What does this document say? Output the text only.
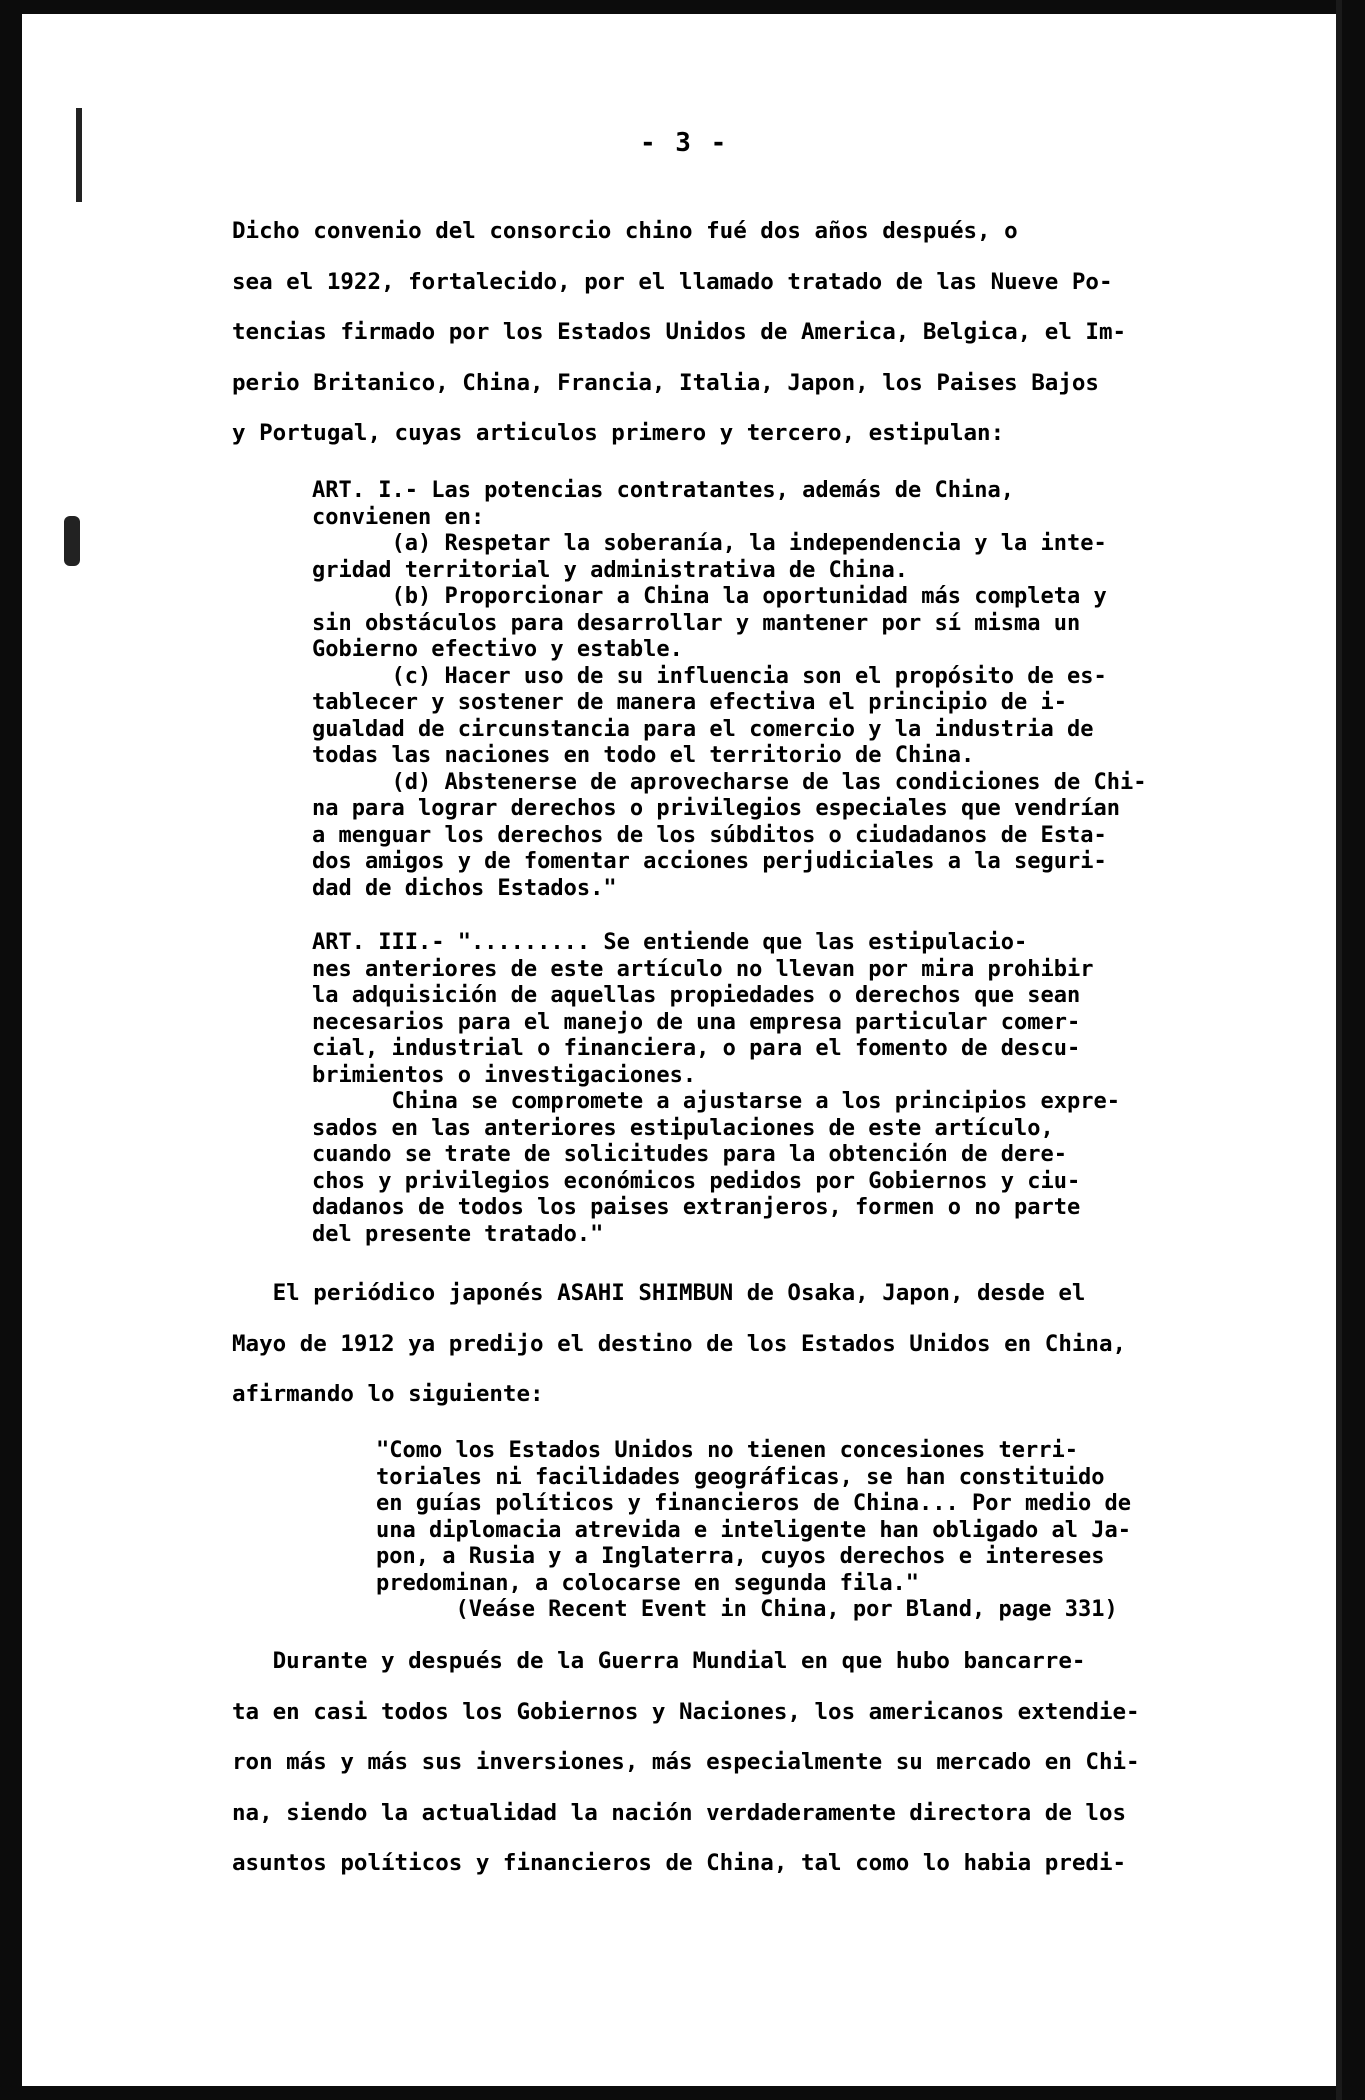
- 3 -
Dicho convenio del consorcio chino fué dos años después, o
sea el 1922, fortalecido, por el llamado tratado de las Nueve Po-
tencias firmado por los Estados Unidos de America, Belgica, el Im-
perio Britanico, China, Francia, Italia, Japon, los Paises Bajos
y Portugal, cuyas articulos primero y tercero, estipulan:
ART. I.- Las potencias contratantes, además de China,
convienen en:
(a) Respetar la soberanía, la independencia y la inte-
gridad territorial y administrativa de China.
(b) Proporcionar a China la oportunidad más completa y
sin obstáculos para desarrollar y mantener por sí misma un
Gobierno efectivo y estable.
(c) Hacer uso de su influencia son el propósito de es-
tablecer y sostener de manera efectiva el principio de i-
gualdad de circunstancia para el comercio y la industria de
todas las naciones en todo el territorio de China.
(d) Abstenerse de aprovecharse de las condiciones de Chi-
na para lograr derechos o privilegios especiales que vendrían
a menguar los derechos de los súbditos o ciudadanos de Esta-
dos amigos y de fomentar acciones perjudiciales a la seguri-
dad de dichos Estados."
ART. III.- "......... Se entiende que las estipulacio-
nes anteriores de este artículo no llevan por mira prohibir
la adquisición de aquellas propiedades o derechos que sean
necesarios para el manejo de una empresa particular comer-
cial, industrial o financiera, o para el fomento de descu-
brimientos o investigaciones.
China se compromete a ajustarse a los principios expre-
sados en las anteriores estipulaciones de este artículo,
cuando se trate de solicitudes para la obtención de dere-
chos y privilegios económicos pedidos por Gobiernos y ciu-
dadanos de todos los paises extranjeros, formen o no parte
del presente tratado."
El periódico japonés ASAHI SHIMBUN de Osaka, Japon, desde el
Mayo de 1912 ya predijo el destino de los Estados Unidos en China,
afirmando lo siguiente:
"Como los Estados Unidos no tienen concesiones terri-
toriales ni facilidades geográficas, se han constituido
en guías políticos y financieros de China... Por medio de
una diplomacia atrevida e inteligente han obligado al Ja-
pon, a Rusia y a Inglaterra, cuyos derechos e intereses
predominan, a colocarse en segunda fila."
(Veáse Recent Event in China, por Bland, page 331)
Durante y después de la Guerra Mundial en que hubo bancarre-
ta en casi todos los Gobiernos y Naciones, los americanos extendie-
ron más y más sus inversiones, más especialmente su mercado en Chi-
na, siendo la actualidad la nación verdaderamente directora de los
asuntos políticos y financieros de China, tal como lo habia predi-
